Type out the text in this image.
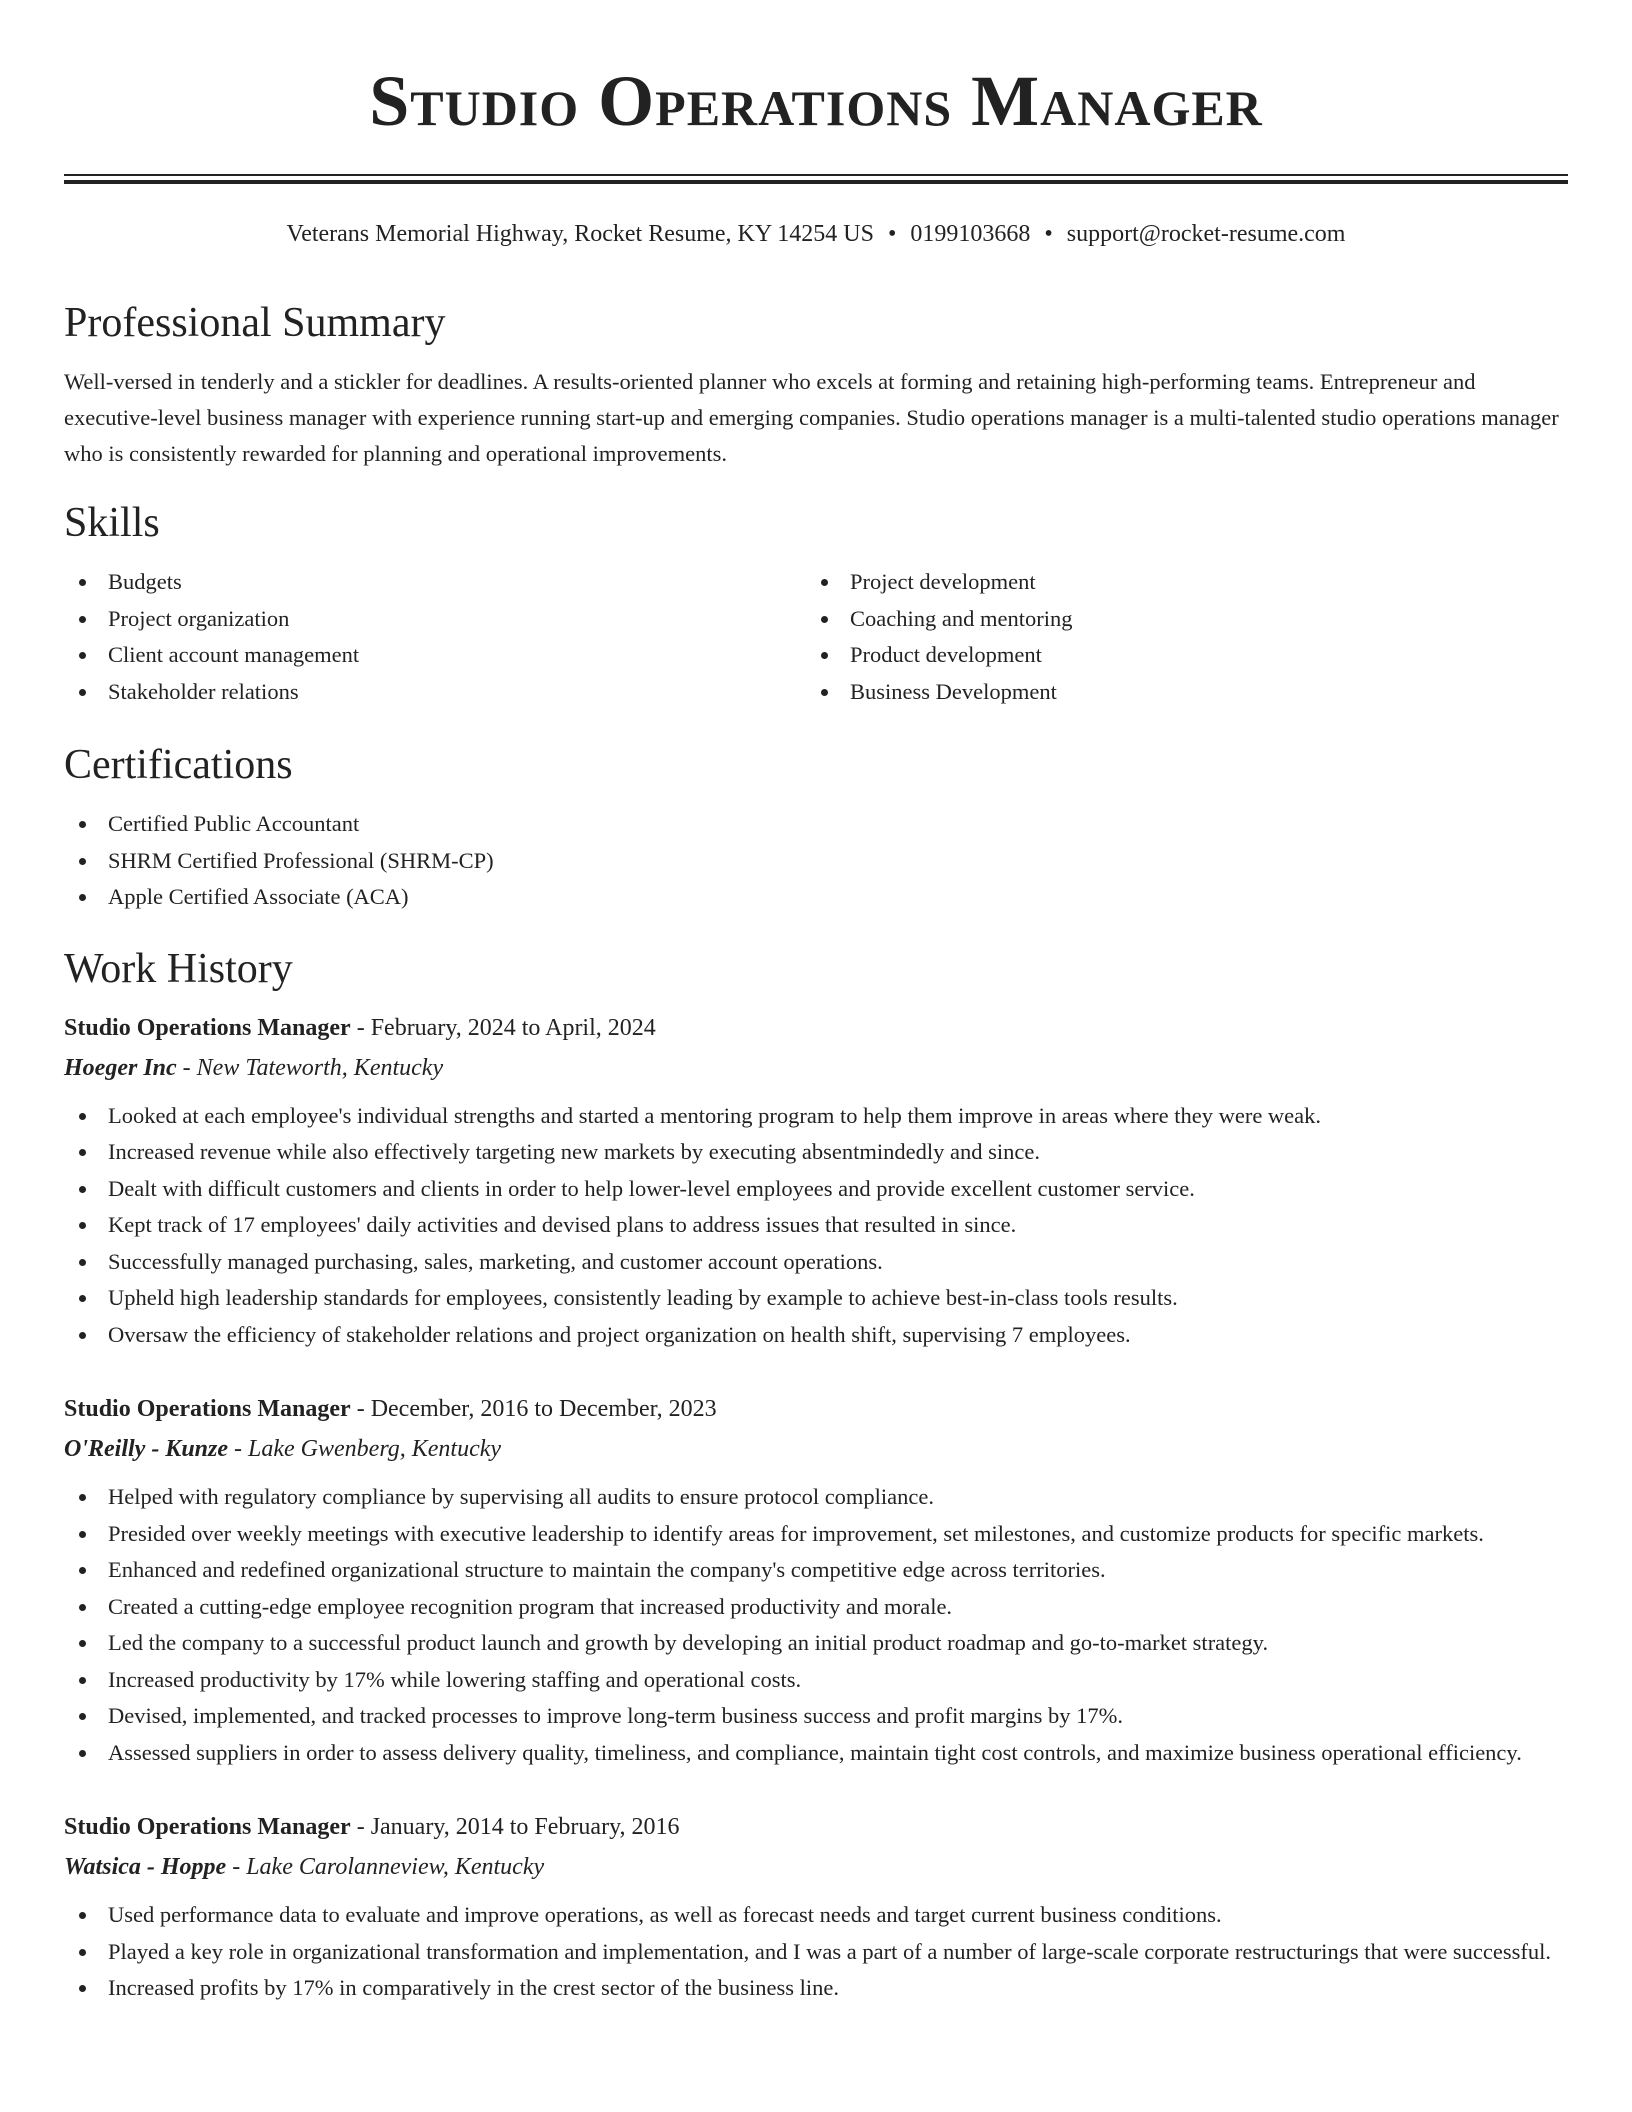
Studio Operations Manager
Veterans Memorial Highway, Rocket Resume, KY 14254 US • 0199103668 • support@rocket-resume.com
Professional Summary
Well-versed in tenderly and a stickler for deadlines. A results-oriented planner who excels at forming and retaining high-performing teams. Entrepreneur and executive-level business manager with experience running start-up and emerging companies. Studio operations manager is a multi-talented studio operations manager who is consistently rewarded for planning and operational improvements.
Skills
Budgets
Project organization
Client account management
Stakeholder relations
Project development
Coaching and mentoring
Product development
Business Development
Certifications
Certified Public Accountant
SHRM Certified Professional (SHRM-CP)
Apple Certified Associate (ACA)
Work History
Studio Operations Manager - February, 2024 to April, 2024
Hoeger Inc - New Tateworth, Kentucky
Looked at each employee's individual strengths and started a mentoring program to help them improve in areas where they were weak.
Increased revenue while also effectively targeting new markets by executing absentmindedly and since.
Dealt with difficult customers and clients in order to help lower-level employees and provide excellent customer service.
Kept track of 17 employees' daily activities and devised plans to address issues that resulted in since.
Successfully managed purchasing, sales, marketing, and customer account operations.
Upheld high leadership standards for employees, consistently leading by example to achieve best-in-class tools results.
Oversaw the efficiency of stakeholder relations and project organization on health shift, supervising 7 employees.
Studio Operations Manager - December, 2016 to December, 2023
O'Reilly - Kunze - Lake Gwenberg, Kentucky
Helped with regulatory compliance by supervising all audits to ensure protocol compliance.
Presided over weekly meetings with executive leadership to identify areas for improvement, set milestones, and customize products for specific markets.
Enhanced and redefined organizational structure to maintain the company's competitive edge across territories.
Created a cutting-edge employee recognition program that increased productivity and morale.
Led the company to a successful product launch and growth by developing an initial product roadmap and go-to-market strategy.
Increased productivity by 17% while lowering staffing and operational costs.
Devised, implemented, and tracked processes to improve long-term business success and profit margins by 17%.
Assessed suppliers in order to assess delivery quality, timeliness, and compliance, maintain tight cost controls, and maximize business operational efficiency.
Studio Operations Manager - January, 2014 to February, 2016
Watsica - Hoppe - Lake Carolanneview, Kentucky
Used performance data to evaluate and improve operations, as well as forecast needs and target current business conditions.
Played a key role in organizational transformation and implementation, and I was a part of a number of large-scale corporate restructurings that were successful.
Increased profits by 17% in comparatively in the crest sector of the business line.
